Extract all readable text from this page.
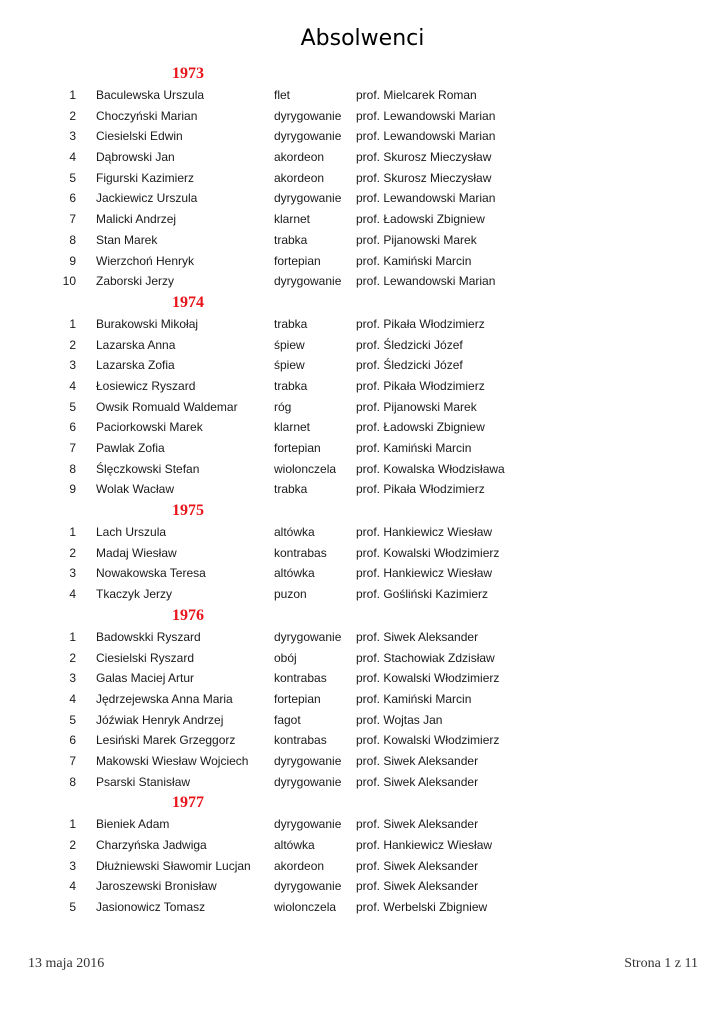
Absolwenci
1973
1 Baculewska Urszula	flet	prof. Mielcarek Roman
2 Choczyński Marian	dyrygowanie prof. Lewandowski Marian
3 Ciesielski Edwin	dyrygowanie prof. Lewandowski Marian
4 Dąbrowski Jan	akordeon	prof. Skurosz Mieczysław
5 Figurski Kazimierz	akordeon	prof. Skurosz Mieczysław
6 Jackiewicz Urszula	dyrygowanie prof. Lewandowski Marian
7 Malicki Andrzej	klarnet	prof. Ładowski Zbigniew
8 Stan Marek	trabka	prof. Pijanowski Marek
9 Wierzchoń Henryk	fortepian	prof. Kamiński Marcin
10 Zaborski Jerzy	dyrygowanie prof. Lewandowski Marian
1974
1 Burakowski Mikołaj	trabka	prof. Pikała Włodzimierz
2 Lazarska Anna	śpiew	prof. Śledzicki Józef
3 Lazarska Zofia	śpiew	prof. Śledzicki Józef
4 Łosiewicz Ryszard	trabka	prof. Pikała Włodzimierz
5 Owsik Romuald Waldemar	róg	prof. Pijanowski Marek
6 Paciorkowski Marek	klarnet	prof. Ładowski Zbigniew
7 Pawlak Zofia	fortepian	prof. Kamiński Marcin
8 Ślęczkowski Stefan	wiolonczela prof. Kowalska Włodzisława
9 Wolak Wacław	trabka	prof. Pikała Włodzimierz
1975
1 Lach Urszula	altówka	prof. Hankiewicz Wiesław
2 Madaj Wiesław	kontrabas prof. Kowalski Włodzimierz
3 Nowakowska Teresa	altówka	prof. Hankiewicz Wiesław
4 Tkaczyk Jerzy	puzon	prof. Gośliński Kazimierz
1976
1 Badowskki Ryszard	dyrygowanie prof. Siwek Aleksander
2 Ciesielski Ryszard	obój	prof. Stachowiak Zdzisław
3 Galas Maciej Artur	kontrabas prof. Kowalski Włodzimierz
4 Jędrzejewska Anna Maria	fortepian	prof. Kamiński Marcin
5 Jóźwiak Henryk Andrzej	fagot	prof. Wojtas Jan
6 Lesiński Marek Grzeggorz	kontrabas prof. Kowalski Włodzimierz
7 Makowski Wiesław Wojciech dyrygowanie prof. Siwek Aleksander
8 Psarski Stanisław	dyrygowanie prof. Siwek Aleksander
1977
1 Bieniek Adam	dyrygowanie prof. Siwek Aleksander
2 Charzyńska Jadwiga	altówka	prof. Hankiewicz Wiesław
3 Dłużniewski Sławomir Lucjan akordeon	prof. Siwek Aleksander
4 Jaroszewski Bronisław	dyrygowanie prof. Siwek Aleksander
5 Jasionowicz Tomasz	wiolonczela prof. Werbelski Zbigniew
13 maja 2016	Strona 1 z 11
